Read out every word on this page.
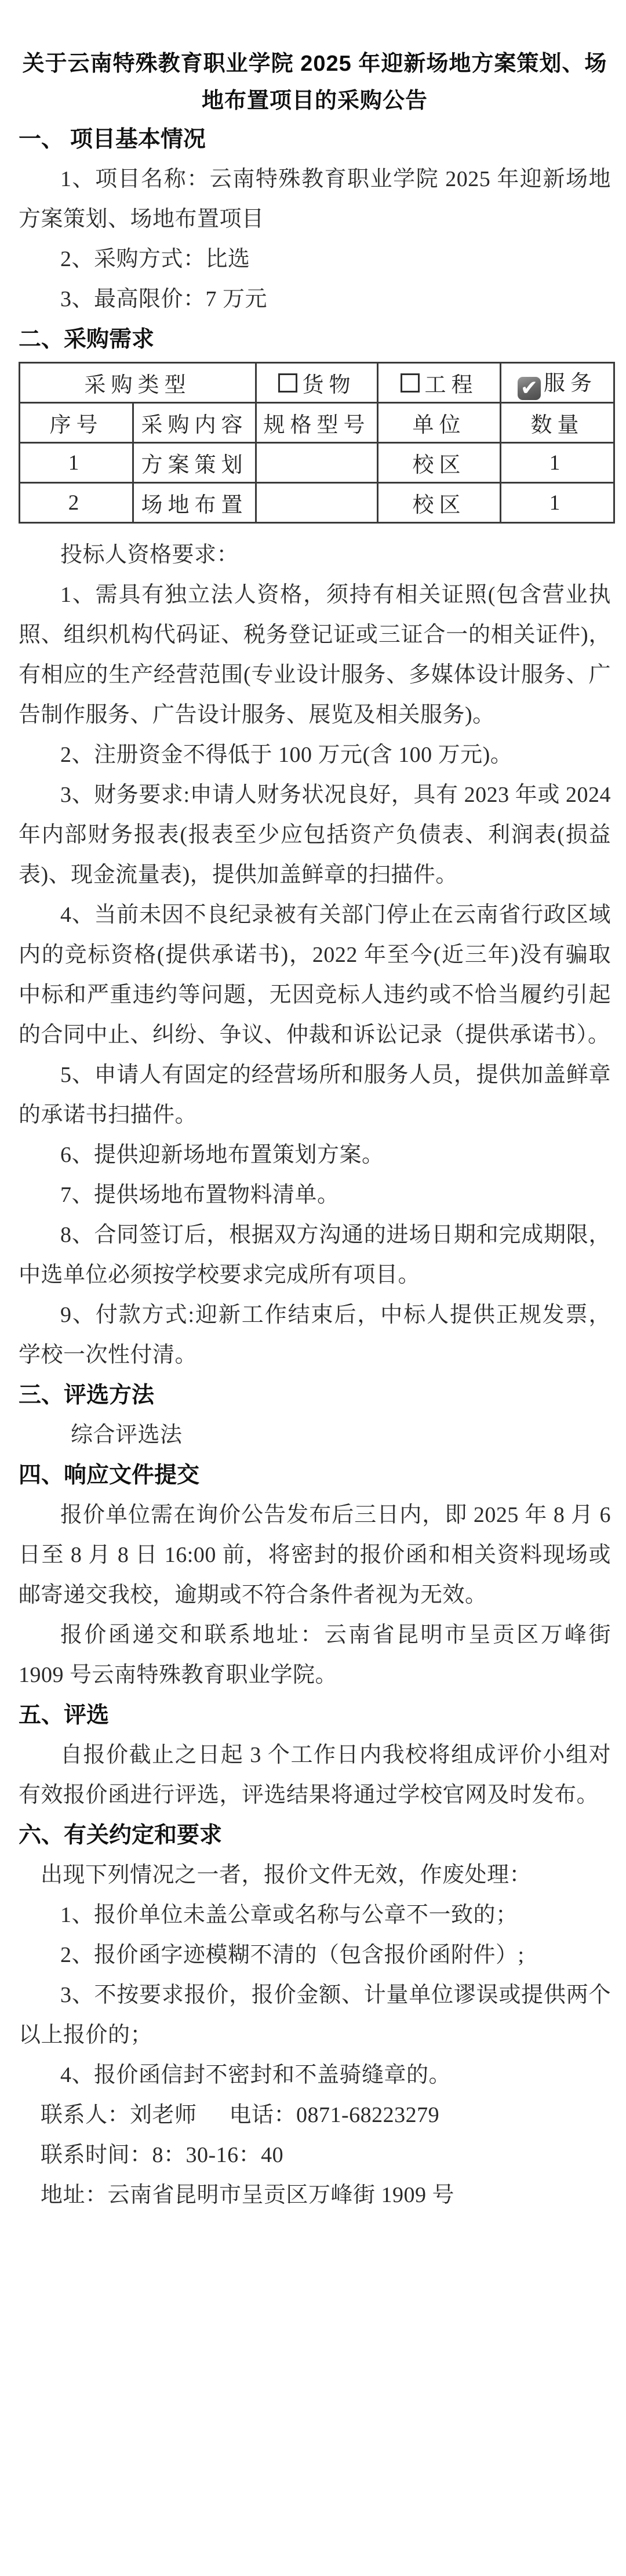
关于云南特殊教育职业学院 2025 年迎新场地方案策划、场地布置项目的采购公告
一、 项目基本情况

1、项目名称：云南特殊教育职业学院 2025 年迎新场地方案策划、场地布置项目

2、采购方式：比选

3、最高限价：7 万元

二、采购需求
采购类型		货物	工程	✔ 服务
序号	采购内容	规格型号	单位	数量
1	方案策划		校区	1
2	场地布置		校区	1

投标人资格要求：

1、需具有独立法人资格，须持有相关证照(包含营业执照、组织机构代码证、税务登记证或三证合一的相关证件)，有相应的生产经营范围(专业设计服务、多媒体设计服务、广告制作服务、广告设计服务、展览及相关服务)。

2、注册资金不得低于 100 万元(含 100 万元)。

3、财务要求:申请人财务状况良好，具有 2023 年或 2024 年内部财务报表(报表至少应包括资产负债表、利润表(损益表)、现金流量表)，提供加盖鲜章的扫描件。

4、当前未因不良纪录被有关部门停止在云南省行政区域内的竞标资格(提供承诺书)，2022 年至今(近三年)没有骗取中标和严重违约等问题，无因竞标人违约或不恰当履约引起的合同中止、纠纷、争议、仲裁和诉讼记录（提供承诺书）。

5、申请人有固定的经营场所和服务人员，提供加盖鲜章的承诺书扫描件。

6、提供迎新场地布置策划方案。

7、提供场地布置物料清单。

8、合同签订后，根据双方沟通的进场日期和完成期限，中选单位必须按学校要求完成所有项目。

9、付款方式:迎新工作结束后，中标人提供正规发票，学校一次性付清。

三、评选方法

综合评选法

四、响应文件提交

报价单位需在询价公告发布后三日内，即 2025 年 8 月 6 日至 8 月 8 日 16:00 前，将密封的报价函和相关资料现场或邮寄递交我校，逾期或不符合条件者视为无效。

报价函递交和联系地址：云南省昆明市呈贡区万峰街 1909 号云南特殊教育职业学院。

五、评选

自报价截止之日起 3 个工作日内我校将组成评价小组对有效报价函进行评选，评选结果将通过学校官网及时发布。

六、有关约定和要求

出现下列情况之一者，报价文件无效，作废处理：

1、报价单位未盖公章或名称与公章不一致的；

2、报价函字迹模糊不清的（包含报价函附件）;

3、不按要求报价，报价金额、计量单位谬误或提供两个以上报价的；

4、报价函信封不密封和不盖骑缝章的。

联系人：刘老师 电话：0871-68223279

联系时间：8：30-16：40

地址：云南省昆明市呈贡区万峰街 1909 号
